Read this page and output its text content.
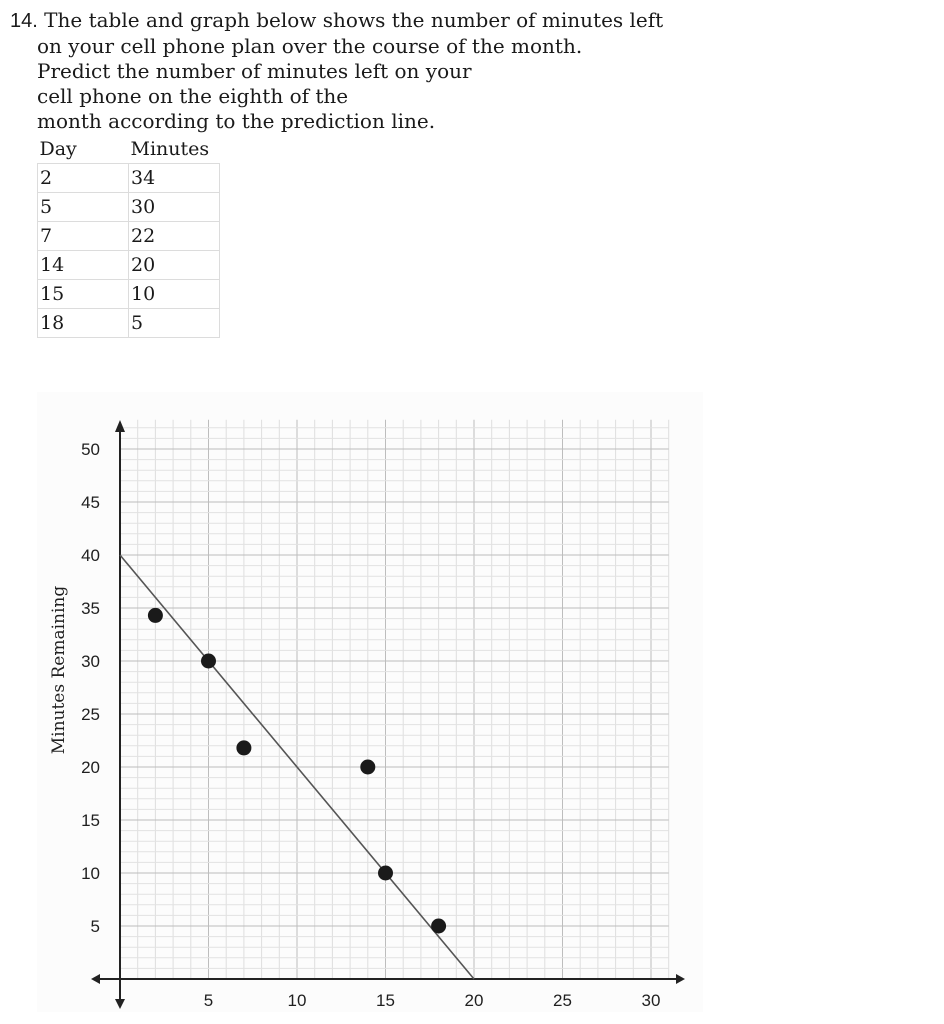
14. The table and graph below shows the number of minutes left
on your cell phone plan over the course of the month.
Predict the number of minutes left on your
cell phone on the eighth of the
month according to the prediction line.
Day	Minutes
2	34
5	30
7	22
14	20
15	10
18	5
5	10	15	20	25	30
5
10
15
20
25
30
35
40
45
50
Minutes Remaining
